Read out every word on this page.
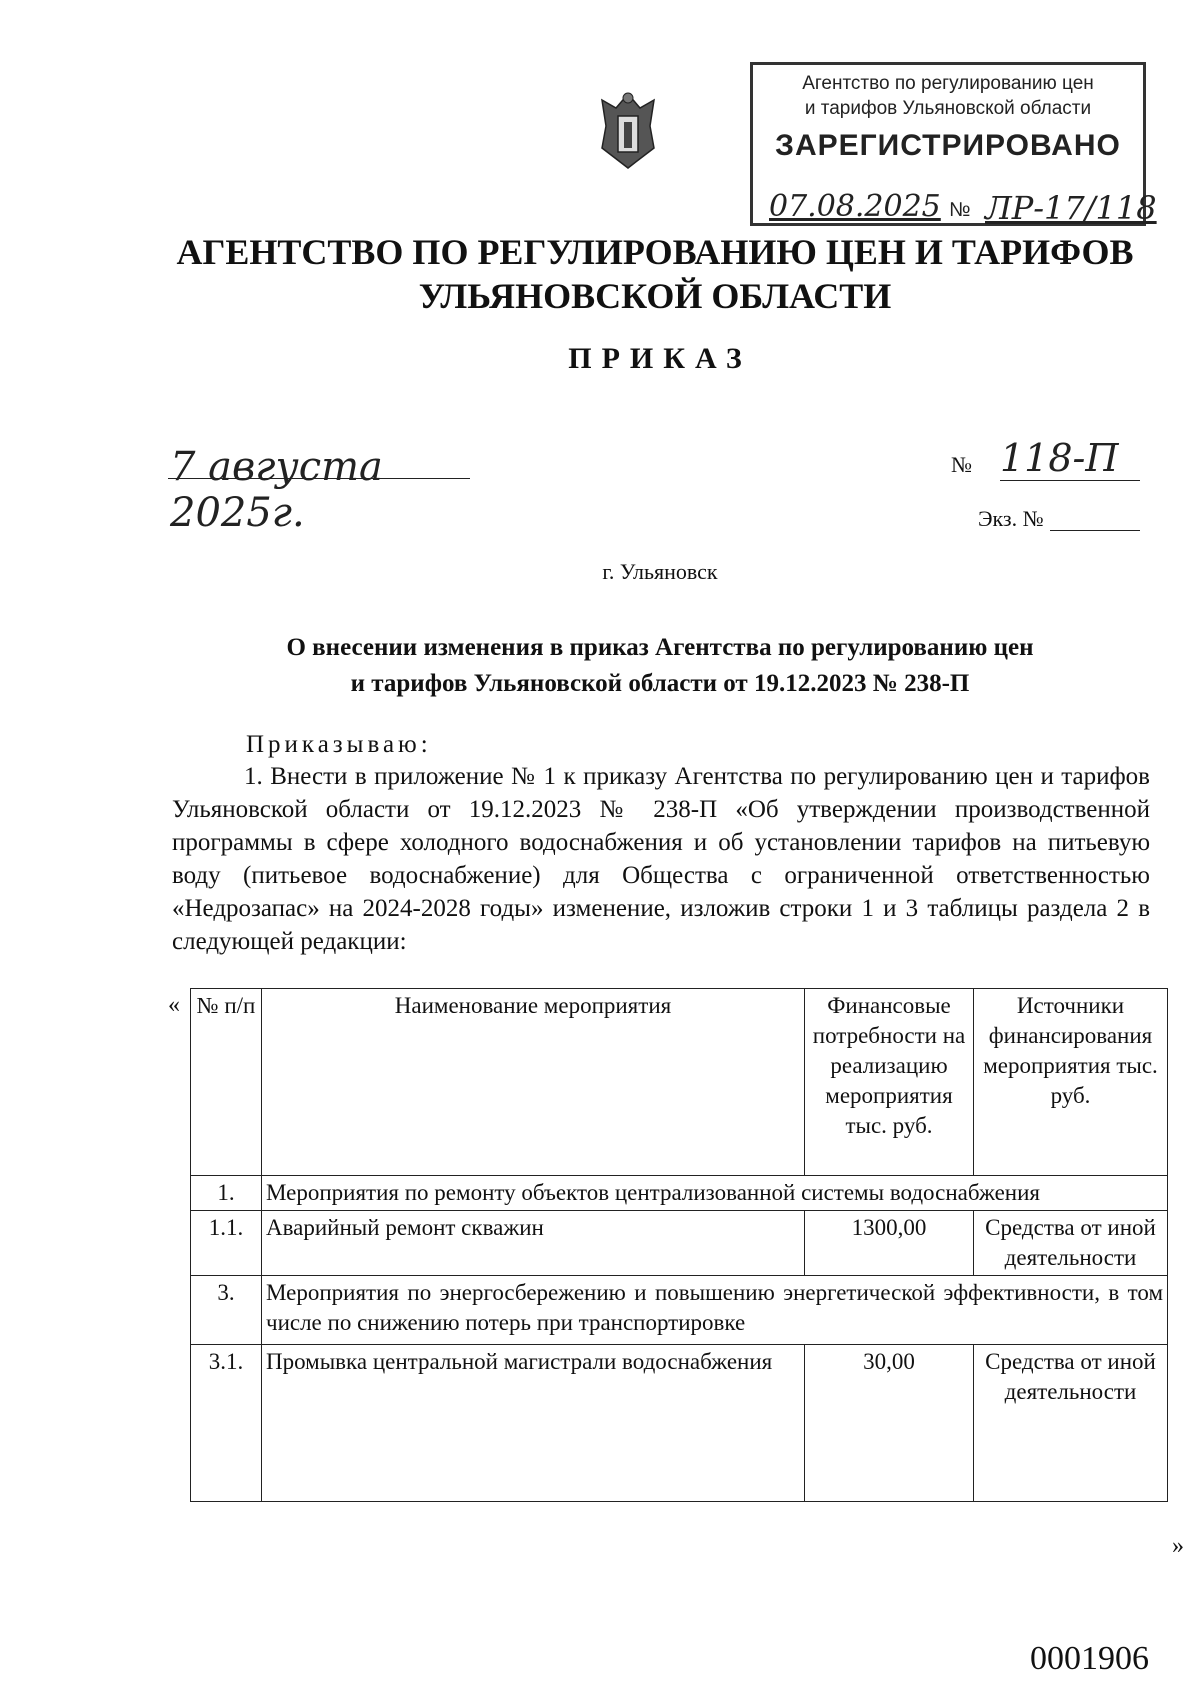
Агентство по регулированию цен
и тарифов Ульяновской области
ЗАРЕГИСТРИРОВАНО
07.08.2025 № ЛР-17/118
АГЕНТСТВО ПО РЕГУЛИРОВАНИЮ ЦЕН И ТАРИФОВ
УЛЬЯНОВСКОЙ ОБЛАСТИ
ПРИКАЗ
7 августа 2025г.
№ 118-П
Экз. №
г. Ульяновск
О внесении изменения в приказ Агентства по регулированию цен
и тарифов Ульяновской области от 19.12.2023 № 238-П
Приказываю:

1. Внести в приложение № 1 к приказу Агентства по регулированию цен и тарифов Ульяновской области от 19.12.2023 № 238-П «Об утверждении производственной программы в сфере холодного водоснабжения и об установлении тарифов на питьевую воду (питьевое водоснабжение) для Общества с ограниченной ответственностью «Недрозапас» на 2024-2028 годы» изменение, изложив строки 1 и 3 таблицы раздела 2 в следующей редакции:

« № п/п	Наименование мероприятия	Финансовые потребности на реализацию мероприятия тыс. руб.	Источники финансирования мероприятия тыс. руб.
1.	Мероприятия по ремонту объектов централизованной системы водоснабжения		
1.1.	Аварийный ремонт скважин	1300,00	Средства от иной деятельности
3.	Мероприятия по энергосбережению и повышению энергетической эффективности, в том числе по снижению потерь при транспортировке		
3.1.	Промывка центральной магистрали водоснабжения	30,00	Средства от иной деятельности
»
0001906
